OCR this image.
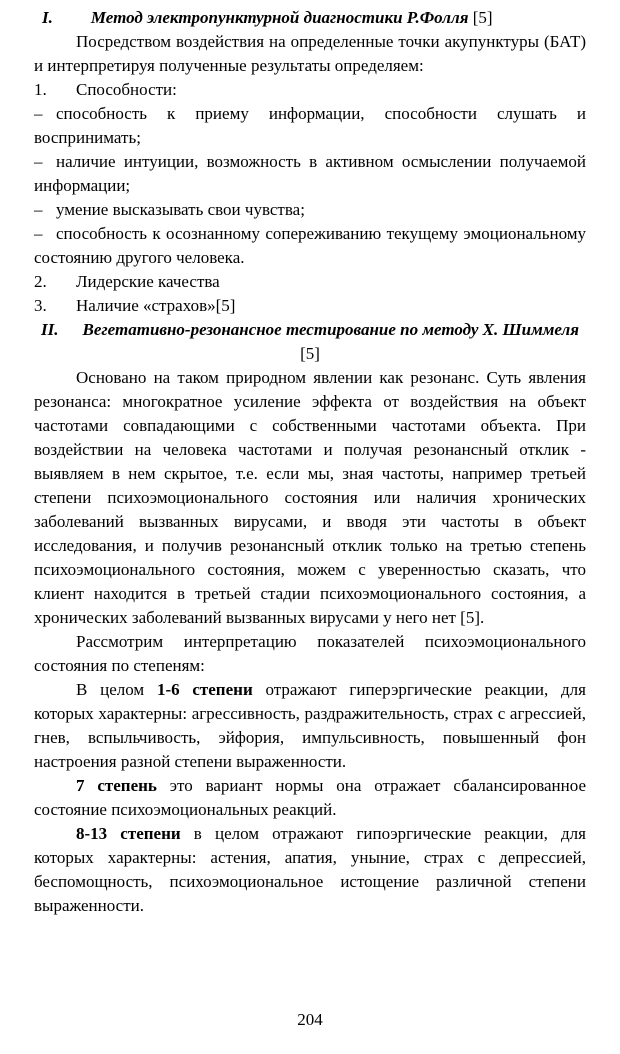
I. Метод электропунктурной диагностики Р.Фолля [5]

Посредством воздействия на определенные точки акупунктуры (БАТ) и интерпретируя полученные результаты определяем:

1. Способности:

– способность к приему информации, способности слушать и воспринимать;

– наличие интуиции, возможность в активном осмыслении получаемой информации;

– умение высказывать свои чувства;

– способность к осознанному сопереживанию текущему эмоциональному состоянию другого человека.

2. Лидерские качества

3. Наличие «страхов»[5]

II. Вегетативно-резонансное тестирование по методу Х. Шиммеля [5]

Основано на таком природном явлении как резонанс. Суть явления резонанса: многократное усиление эффекта от воздействия на объект частотами совпадающими с собственными частотами объекта. При воздействии на человека частотами и получая резонансный отклик - выявляем в нем скрытое, т.е. если мы, зная частоты, например третьей степени психоэмоционального состояния или наличия хронических заболеваний вызванных вирусами, и вводя эти частоты в объект исследования, и получив резонансный отклик только на третью степень психоэмоционального состояния, можем с уверенностью сказать, что клиент находится в третьей стадии психоэмоционального состояния, а хронических заболеваний вызванных вирусами у него нет [5].

Рассмотрим интерпретацию показателей психоэмоционального состояния по степеням:

В целом 1-6 степени отражают гиперэргические реакции, для которых характерны: агрессивность, раздражительность, страх с агрессией, гнев, вспыльчивость, эйфория, импульсивность, повышенный фон настроения разной степени выраженности.

7 степень это вариант нормы она отражает сбалансированное состояние психоэмоциональных реакций.

8-13 степени в целом отражают гипоэргические реакции, для которых характерны: астения, апатия, уныние, страх с депрессией, беспомощность, психоэмоциональное истощение различной степени выраженности.

204
